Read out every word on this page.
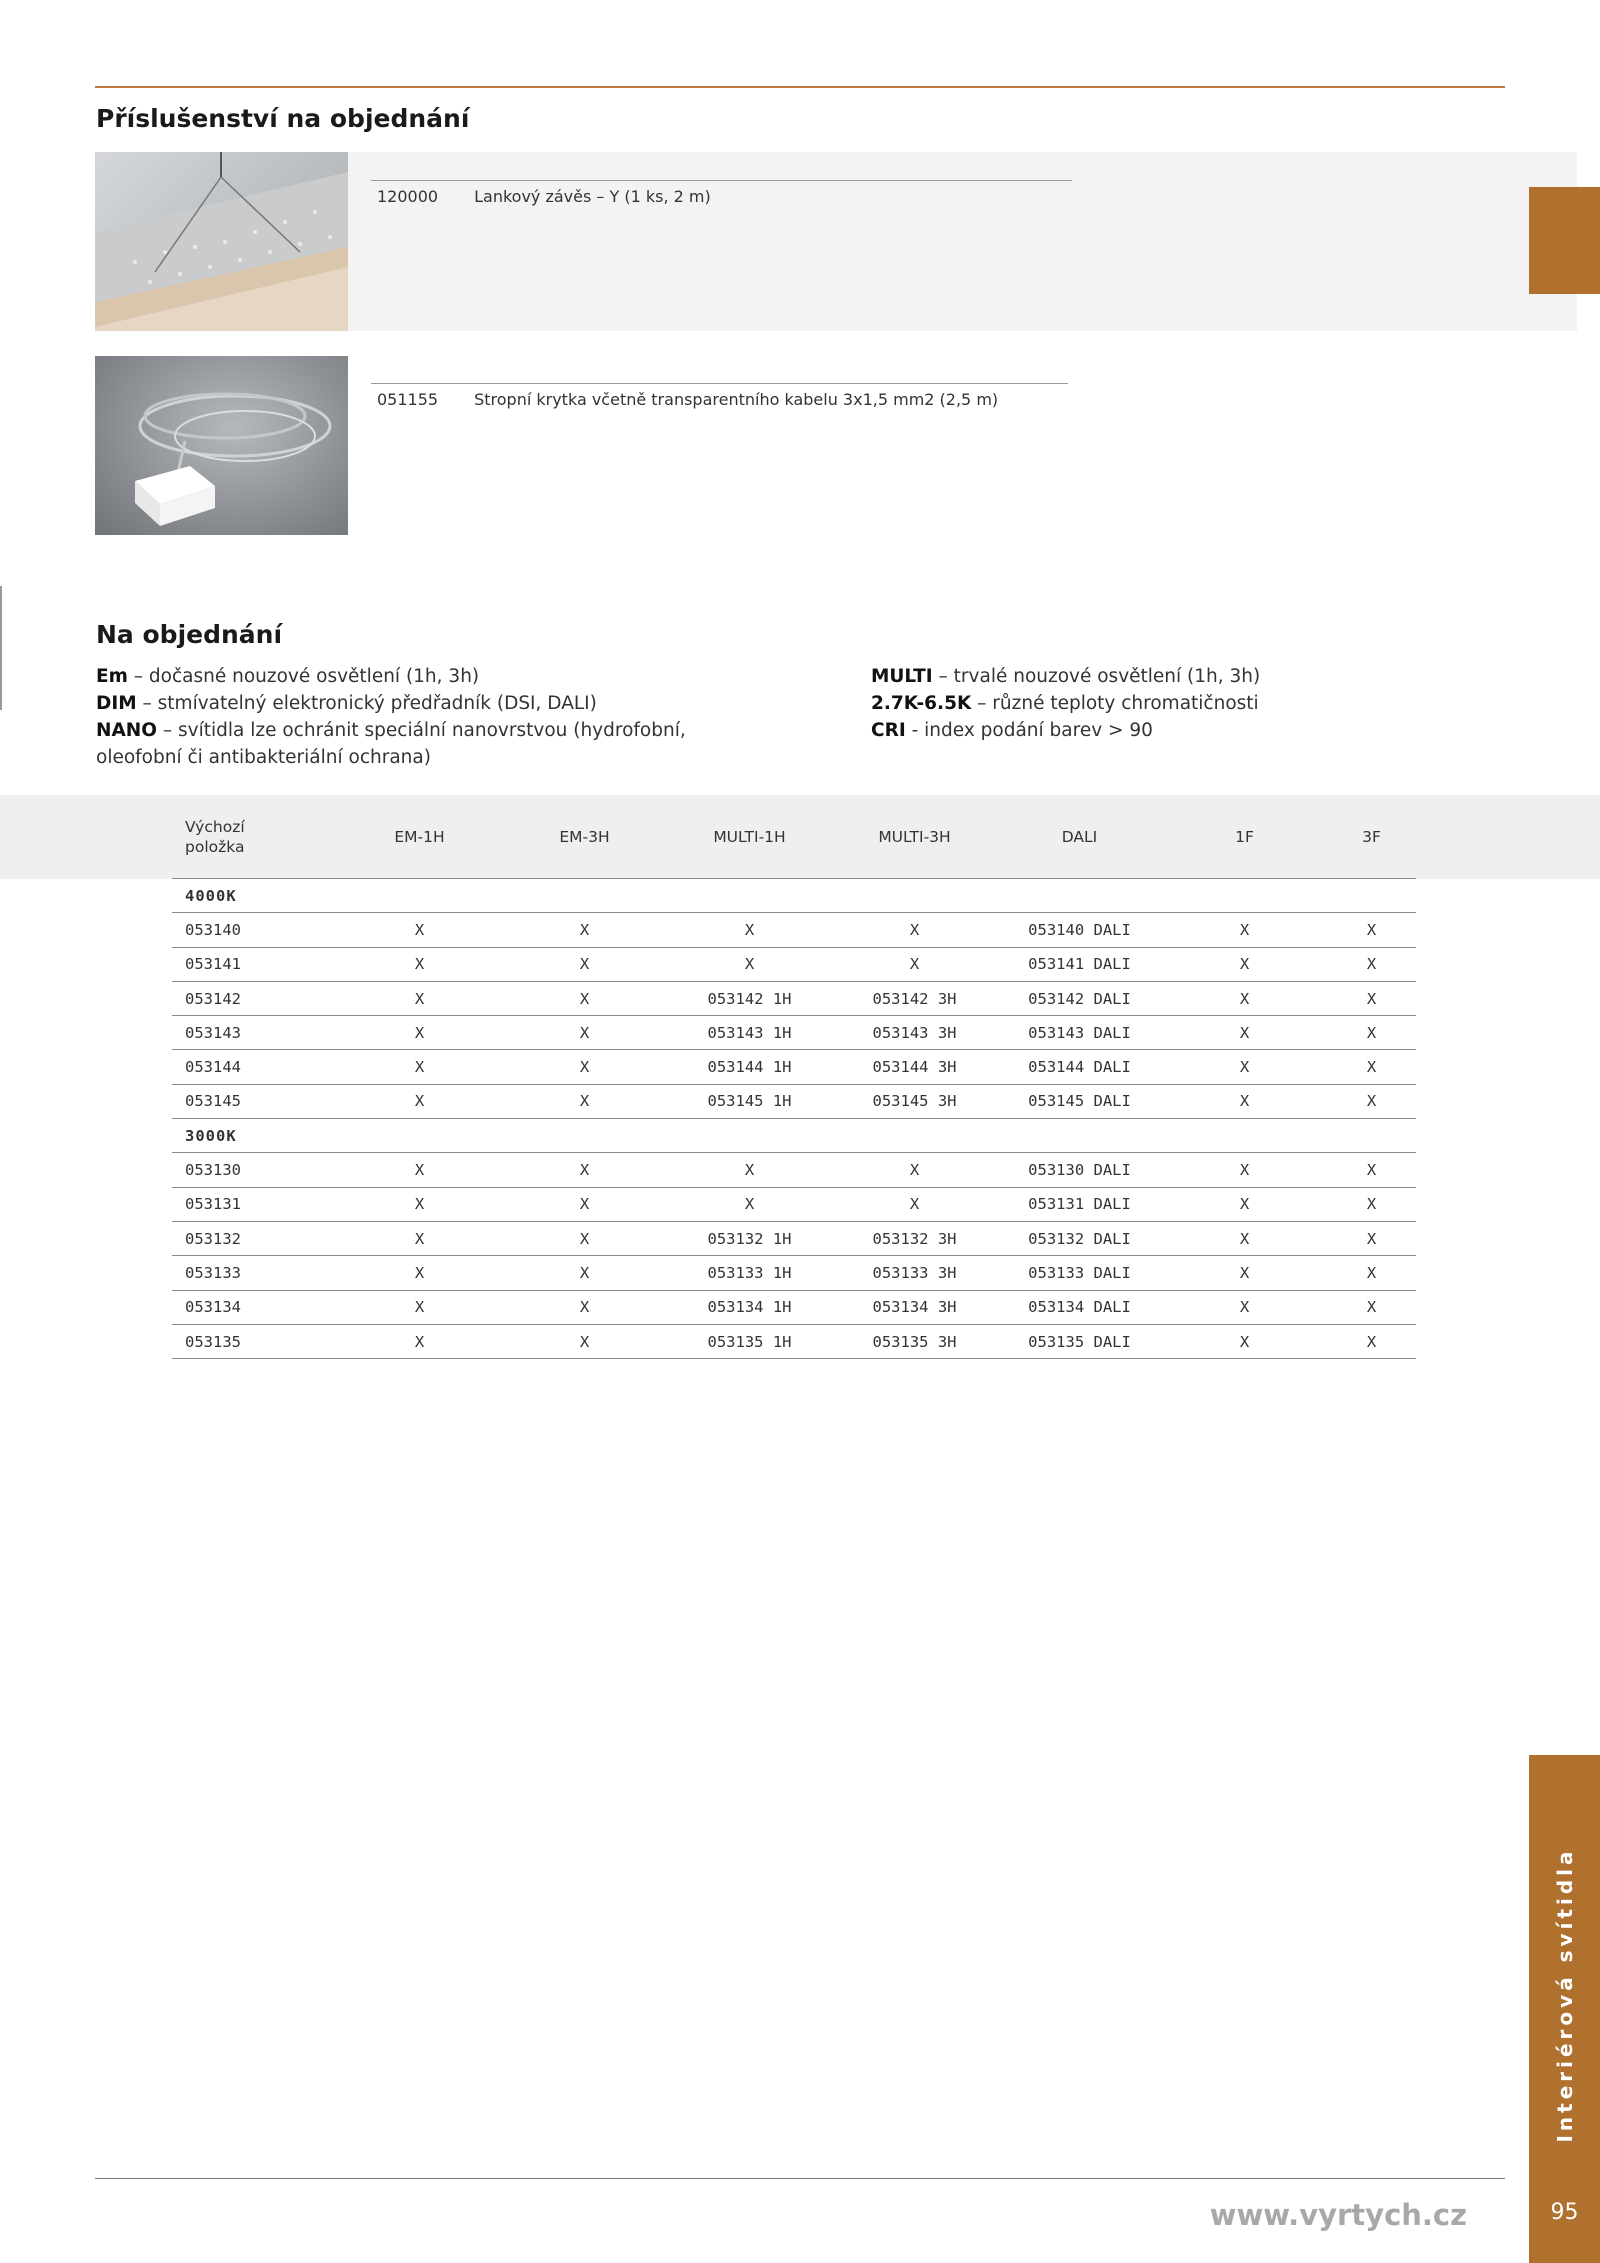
Příslušenství na objednání
120000 Lankový závěs – Y (1 ks, 2 m)
051155 Stropní krytka včetně transparentního kabelu 3x1,5 mm2 (2,5 m)
Na objednání
Em – dočasné nouzové osvětlení (1h, 3h)
DIM – stmívatelný elektronický předřadník (DSI, DALI)
NANO – svítidla lze ochránit speciální nanovrstvou (hydrofobní, oleofobní či antibakteriální ochrana)
MULTI – trvalé nouzové osvětlení (1h, 3h)
2.7K-6.5K – různé teploty chromatičnosti
CRI - index podání barev > 90
Výchozí
položka
EM-1H	EM-3H	MULTI-1H	MULTI-3H	DALI	1F	3F
4000K
053140	X	X	X	X	053140 DALI	X	X
053141	X	X	X	X	053141 DALI	X	X
053142	X	X	053142 1H	053142 3H	053142 DALI	X	X
053143	X	X	053143 1H	053143 3H	053143 DALI	X	X
053144	X	X	053144 1H	053144 3H	053144 DALI	X	X
053145	X	X	053145 1H	053145 3H	053145 DALI	X	X
3000K
053130	X	X	X	X	053130 DALI	X	X
053131	X	X	X	X	053131 DALI	X	X
053132	X	X	053132 1H	053132 3H	053132 DALI	X	X
053133	X	X	053133 1H	053133 3H	053133 DALI	X	X
053134	X	X	053134 1H	053134 3H	053134 DALI	X	X
053135	X	X	053135 1H	053135 3H	053135 DALI	X	X
Interiérová svítidla
95
www.vyrtych.cz
